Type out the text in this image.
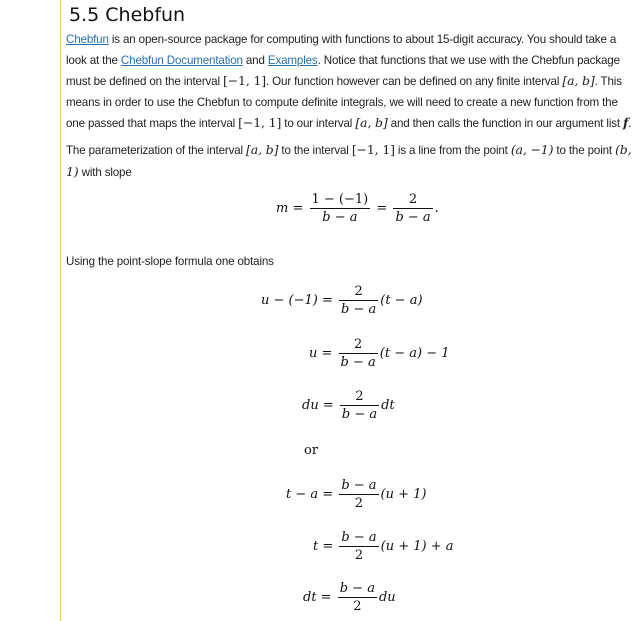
5.5 Chebfun
Chebfun is an open-source package for computing with functions to about 15-digit accuracy. You should take a look at the Chebfun Documentation and Examples. Notice that functions that we use with the Chebfun package must be defined on the interval [−1, 1]. Our function however can be defined on any finite interval [a, b]. This means in order to use the Chebfun to compute definite integrals, we will need to create a new function from the one passed that maps the interval [−1, 1] to our interval [a, b] and then calls the function in our argument list f.
The parameterization of the interval [a, b] to the interval [−1, 1] is a line from the point (a, −1) to the point (b, 1) with slope
$m = \frac{1 - (-1)}{b - a} = \frac{2}{b - a}$ .
Using the point-slope formula one obtains
$u - (-1) = \frac{2}{b - a} (t - a)$
$u = \frac{2}{b - a} (t - a) - 1$
du = $\frac{2}{b - a}$ dt
or
$t - a = \frac{b - a}{2} (u + 1)$
$t = \frac{b - a}{2} (u + 1) + a$
dt = $\frac{b - a}{2}$ du
